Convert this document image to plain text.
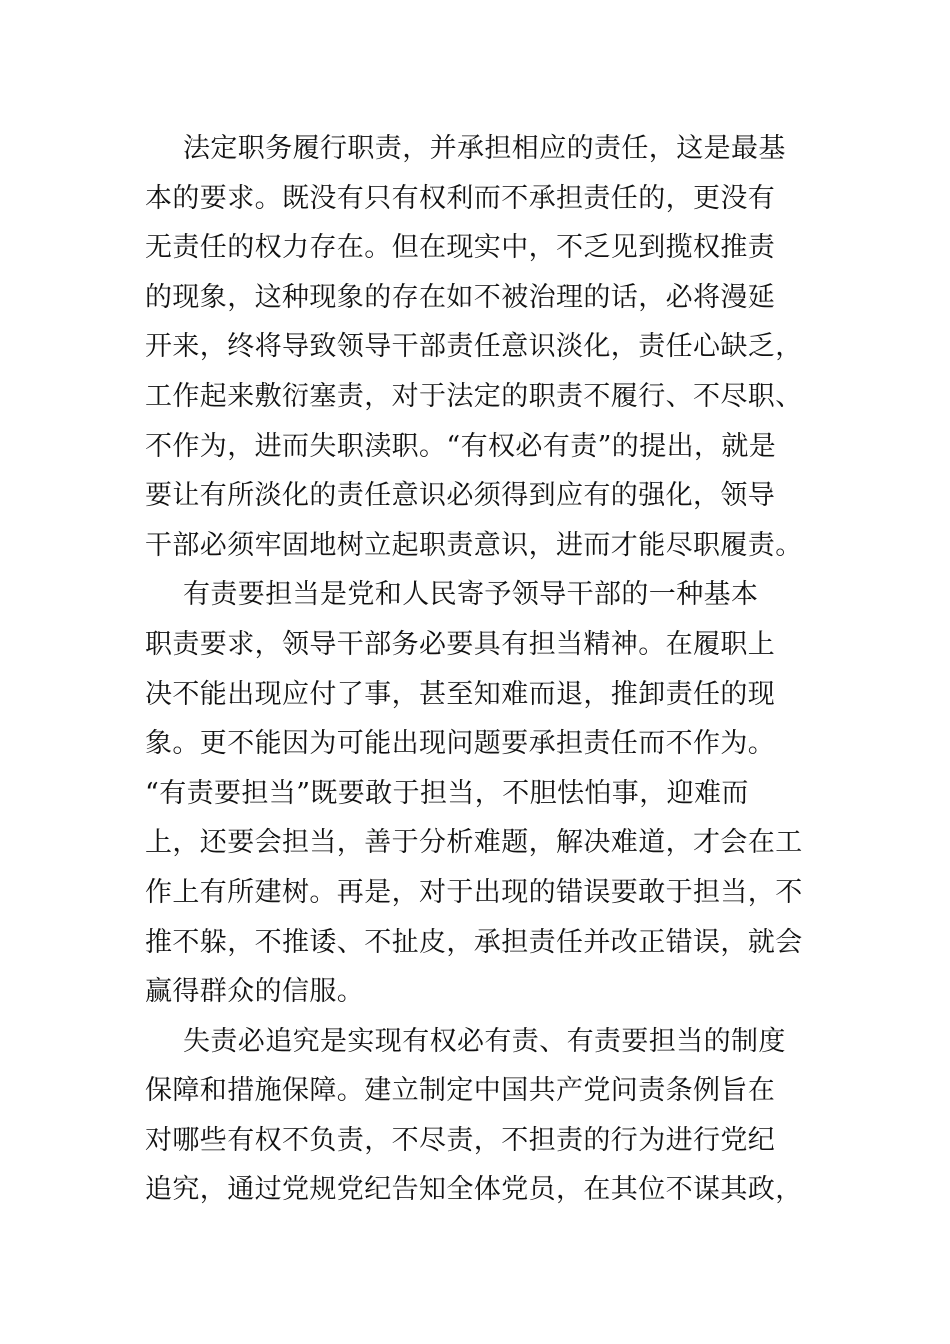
法定职务履行职责，并承担相应的责任，这是最基
本的要求。既没有只有权利而不承担责任的，更没有
无责任的权力存在。但在现实中，不乏见到揽权推责
的现象，这种现象的存在如不被治理的话，必将漫延
开来，终将导致领导干部责任意识淡化，责任心缺乏，
工作起来敷衍塞责，对于法定的职责不履行、不尽职、
不作为，进而失职渎职。“有权必有责”的提出，就是
要让有所淡化的责任意识必须得到应有的强化，领导
干部必须牢固地树立起职责意识，进而才能尽职履责。
有责要担当是党和人民寄予领导干部的一种基本
职责要求，领导干部务必要具有担当精神。在履职上
决不能出现应付了事，甚至知难而退，推卸责任的现
象。更不能因为可能出现问题要承担责任而不作为。
“有责要担当”既要敢于担当，不胆怯怕事，迎难而
上，还要会担当，善于分析难题，解决难道，才会在工
作上有所建树。再是，对于出现的错误要敢于担当，不
推不躲，不推诿、不扯皮，承担责任并改正错误，就会
赢得群众的信服。
失责必追究是实现有权必有责、有责要担当的制度
保障和措施保障。建立制定中国共产党问责条例旨在
对哪些有权不负责，不尽责，不担责的行为进行党纪
追究，通过党规党纪告知全体党员，在其位不谋其政，
